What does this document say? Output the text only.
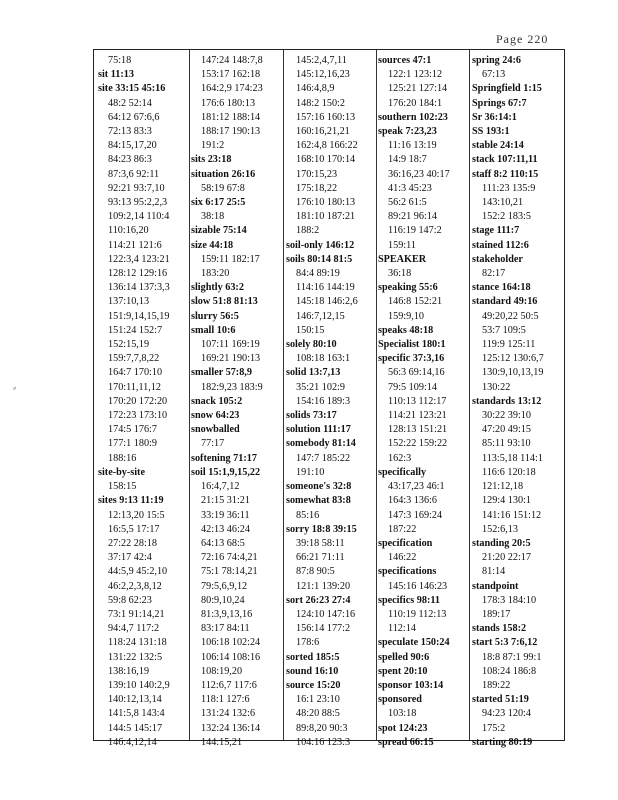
Page 220
⸗
75:18
sit 11:13
site 33:15 45:16
48:2 52:14
64:12 67:6,6
72:13 83:3
84:15,17,20
84:23 86:3
87:3,6 92:11
92:21 93:7,10
93:13 95:2,2,3
109:2,14 110:4
110:16,20
114:21 121:6
122:3,4 123:21
128:12 129:16
136:14 137:3,3
137:10,13
151:9,14,15,19
151:24 152:7
152:15,19
159:7,7,8,22
164:7 170:10
170:11,11,12
170:20 172:20
172:23 173:10
174:5 176:7
177:1 180:9
188:16
site-by-site
158:15
sites 9:13 11:19
12:13,20 15:5
16:5,5 17:17
27:22 28:18
37:17 42:4
44:5,9 45:2,10
46:2,2,3,8,12
59:8 62:23
73:1 91:14,21
94:4,7 117:2
118:24 131:18
131:22 132:5
138:16,19
139:10 140:2,9
140:12,13,14
141:5,8 143:4
144:5 145:17
146:4,12,14
147:24 148:7,8
153:17 162:18
164:2,9 174:23
176:6 180:13
181:12 188:14
188:17 190:13
191:2
sits 23:18
situation 26:16
58:19 67:8
six 6:17 25:5
38:18
sizable 75:14
size 44:18
159:11 182:17
183:20
slightly 63:2
slow 51:8 81:13
slurry 56:5
small 10:6
107:11 169:19
169:21 190:13
smaller 57:8,9
182:9,23 183:9
snack 105:2
snow 64:23
snowballed
77:17
softening 71:17
soil 15:1,9,15,22
16:4,7,12
21:15 31:21
33:19 36:11
42:13 46:24
64:13 68:5
72:16 74:4,21
75:1 78:14,21
79:5,6,9,12
80:9,10,24
81:3,9,13,16
83:17 84:11
106:18 102:24
106:14 108:16
108:19,20
112:6,7 117:6
118:1 127:6
131:24 132:6
132:24 136:14
144:15,21
145:2,4,7,11
145:12,16,23
146:4,8,9
148:2 150:2
157:16 160:13
160:16,21,21
162:4,8 166:22
168:10 170:14
170:15,23
175:18,22
176:10 180:13
181:10 187:21
188:2
soil-only 146:12
soils 80:14 81:5
84:4 89:19
114:16 144:19
145:18 146:2,6
146:7,12,15
150:15
solely 80:10
108:18 163:1
solid 13:7,13
35:21 102:9
154:16 189:3
solids 73:17
solution 111:17
somebody 81:14
147:7 185:22
191:10
someone's 32:8
somewhat 83:8
85:16
sorry 18:8 39:15
39:18 58:11
66:21 71:11
87:8 90:5
121:1 139:20
sort 26:23 27:4
124:10 147:16
156:14 177:2
178:6
sorted 185:5
sound 16:10
source 15:20
16:1 23:10
48:20 88:5
89:8,20 90:3
104:16 123:3
sources 47:1
122:1 123:12
125:21 127:14
176:20 184:1
southern 102:23
speak 7:23,23
11:16 13:19
14:9 18:7
36:16,23 40:17
41:3 45:23
56:2 61:5
89:21 96:14
116:19 147:2
159:11
SPEAKER
36:18
speaking 55:6
146:8 152:21
159:9,10
speaks 48:18
Specialist 180:1
specific 37:3,16
56:3 69:14,16
79:5 109:14
110:13 112:17
114:21 123:21
128:13 151:21
152:22 159:22
162:3
specifically
43:17,23 46:1
164:3 136:6
147:3 169:24
187:22
specification
146:22
specifications
145:16 146:23
specifics 98:11
110:19 112:13
112:14
speculate 150:24
spelled 90:6
spent 20:10
sponsor 103:14
sponsored
103:18
spot 124:23
spread 66:15
spring 24:6
67:13
Springfield 1:15
Springs 67:7
Sr 36:14:1
SS 193:1
stable 24:14
stack 107:11,11
staff 8:2 110:15
111:23 135:9
143:10,21
152:2 183:5
stage 111:7
stained 112:6
stakeholder
82:17
stance 164:18
standard 49:16
49:20,22 50:5
53:7 109:5
119:9 125:11
125:12 130:6,7
130:9,10,13,19
130:22
standards 13:12
30:22 39:10
47:20 49:15
85:11 93:10
113:5,18 114:1
116:6 120:18
121:12,18
129:4 130:1
141:16 151:12
152:6,13
standing 20:5
21:20 22:17
81:14
standpoint
178:3 184:10
189:17
stands 158:2
start 5:3 7:6,12
18:8 87:1 99:1
108:24 186:8
189:22
started 51:19
94:23 120:4
175:2
starting 80:19
